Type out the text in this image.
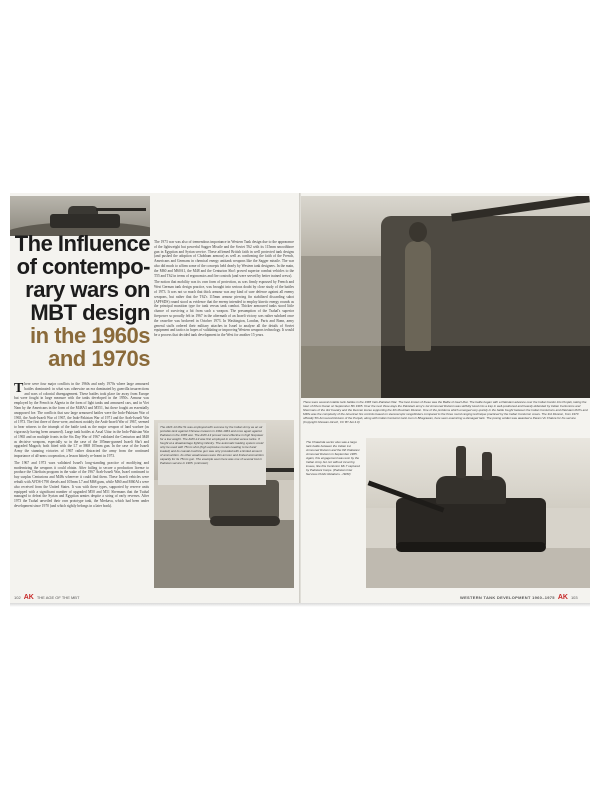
The Influence
of contempo-
rary wars on
MBT design
in the 1960s
and 1970s

There were four major conflicts in the 1960s and early 1970s where large armoured battles dominated: in what was otherwise an era dominated by guerrilla insurrections and wars of colonial disengagement. These battles took place far away from Europe but were fought in large measure with the tanks developed in the 1950s. Armour was employed by the French in Algeria in the form of light tanks and armoured cars, and in Viet Nam by the Americans in the form of the M48A3 and M551, but these fought an essentially unopposed foe. The conflicts that saw large armoured battles were the Indo-Pakistan War of 1965, the Arab-Israeli War of 1967, the Indo-Pakistan War of 1971 and the Arab-Israeli War of 1973. The first three of these were, and most notably the Arab-Israeli War of 1967, seemed to bear witness to the triumph of the battle tank as the major weapon of land warfare (as vigorously having been assumed). Large tank battles at Assal Uttar in the Indo-Pakistan War of 1965 and on multiple fronts in the Six Day War of 1967 validated the Centurion and M48 as decisive weapons, especially so in the case of the 105mm-gunned Israeli Sho't and upgraded Magach; both fitted with the L7 or M68 105mm gun. In the case of the Israeli Army the stunning victories of 1967 rather distracted the army from the continued importance of all-arms cooperation, a lesson bitterly re-learnt in 1973.

The 1967 and 1973 wars validated Israel's long-standing practice of modifying and modernizing the weapons it could obtain. After failing to secure a production license to produce the Chieftain program in the wake of the 1967 Arab-Israeli War, Israel continued to buy surplus Centurions and M48s wherever it could find them. These Israeli vehicles were rebuilt with AVDS-1790 diesels and 105mm L7 and M68 guns, while M60 and M60A1s were also received from the United States. It was with these types, supported by reserve units equipped with a significant number of upgraded M50 and M51 Shermans that the Tsahal managed to defeat the Syrian and Egyptian armies despite a string of early reverses. After 1973 the Tsahal unveiled their own prototype tank, the Merkava, which had been under development since 1970 (and which rightly belongs in a later book).

The 1973 war was also of tremendous importance in Western Tank design due to the appearance of the lightweight but powerful Sagger Missile and the Soviet T62 with its 115mm smoothbore gun in Egyptian and Syrian service. These affirmed British faith in well protected tank designs (and pushed the adoption of Chobham armour) as well as confirming the faith of the French, Americans and Germans in chemical energy antitank weapons like the Sagger missile. The war also did much to affirm some of the concepts held dearly by Western tank designers. In the main, the M60 and M60A1, the M48 and the Centurion Sho't proved superior combat vehicles to the T55 and T62 in terms of ergonomics and fire controls (and were served by better trained crews).

The notion that mobility was its own form of protection, as was firmly espoused by French and West German tank design practice, was brought into serious doubt by close study of the battles of 1973. It was not so much that thick armour was any kind of sure defence against all enemy weapons, but rather that the T62's 115mm armour piercing fin stabilized discarding sabot (APFSDS) round stood as evidence that the enemy intended to employ kinetic energy rounds as the principal munition type for tank versus tank combat. Thicker armoured tanks stood little chance of surviving a hit from such a weapon. The presumption of the Tsahal's superior firepower so proudly felt in 1967 in the aftermath of an Israeli victory was rather subdued once the ceasefire was brokered in October 1973. In Washington, London, Paris and Bonn, army general staffs ordered their military attaches in Israel to analyze all the details of Soviet equipment and tactics in hopes of validating or improving Western weapons technology. It would be a process that decided tank development in the West for another 15 years.

The AMX-13 Mle 51 was employed with success by the Indian Army as an air portable tank against Chinese invasion in 1962-1963 and once again against Pakistan in the 1965 war. The AMX-13 proved most effective in high firepower for a low weight. The AMX-13 was first employed in combat versus tanks. If fought at a disadvantage fighting infantry. The automatic loading system could only be used with 75mm shot (high explosive rounds needing to be hand loaded) and its coaxial machine gun was only provided with a limited amount of ammunition. Its other weaknesses were thin armour and limited ammunition capacity for its 75mm gun. The example seen here was one of several lost in Pakistan service in 1965. (unknown)
102 AK THE AGE OF THE MBT
There were several notable tank battles in the 1965 Indo-Pakistan War. The best known of these was the Battle of Asal Uttar. The battle began with a Pakistani advance over the Indian border into Punjab, taking the town of Khem Karan on September 8th 1965. Over the next three days the Pakistani army's 1st Armoured Division was skilfully lured into a trap in well-positioned and heavily defended by Indian Centurions and Shermans of the 3rd Cavalry and the Deccan Horse supporting the 4th Mountain Division. One of the problems which emerged very quickly in the battle fought between the Indian Centurions and Pakistani M47s and M48s was the complexity of the American fire controls based on stereoscopic rangefinders compared to the three round ranging technique practiced by the Indian Centurion crews. The 3rd Division, from 1970 officially 5th Armoured Division of the Punjab, along with Indian Centurion tank men in Bhagrawan, here seen examining a damaged tank. The posing soldier was awarded a Param Vir Chakra for his service (Copyright Ghowan Hirsch, CC BY-SA 4.0)
The Chawinda sector also saw a large tank battle between the Indian 1st Armoured Division and the 6th Pakistani Armoured Division in September 1965. Again, this engagement was won by the Indian Army but not without incurring losses, like this Centurion Mk.7 captured by Pakistani troops. (Pakistan Inter Services Public Relations - ISPR)
WESTERN TANK DEVELOPMENT 1960–1975 AK 103
